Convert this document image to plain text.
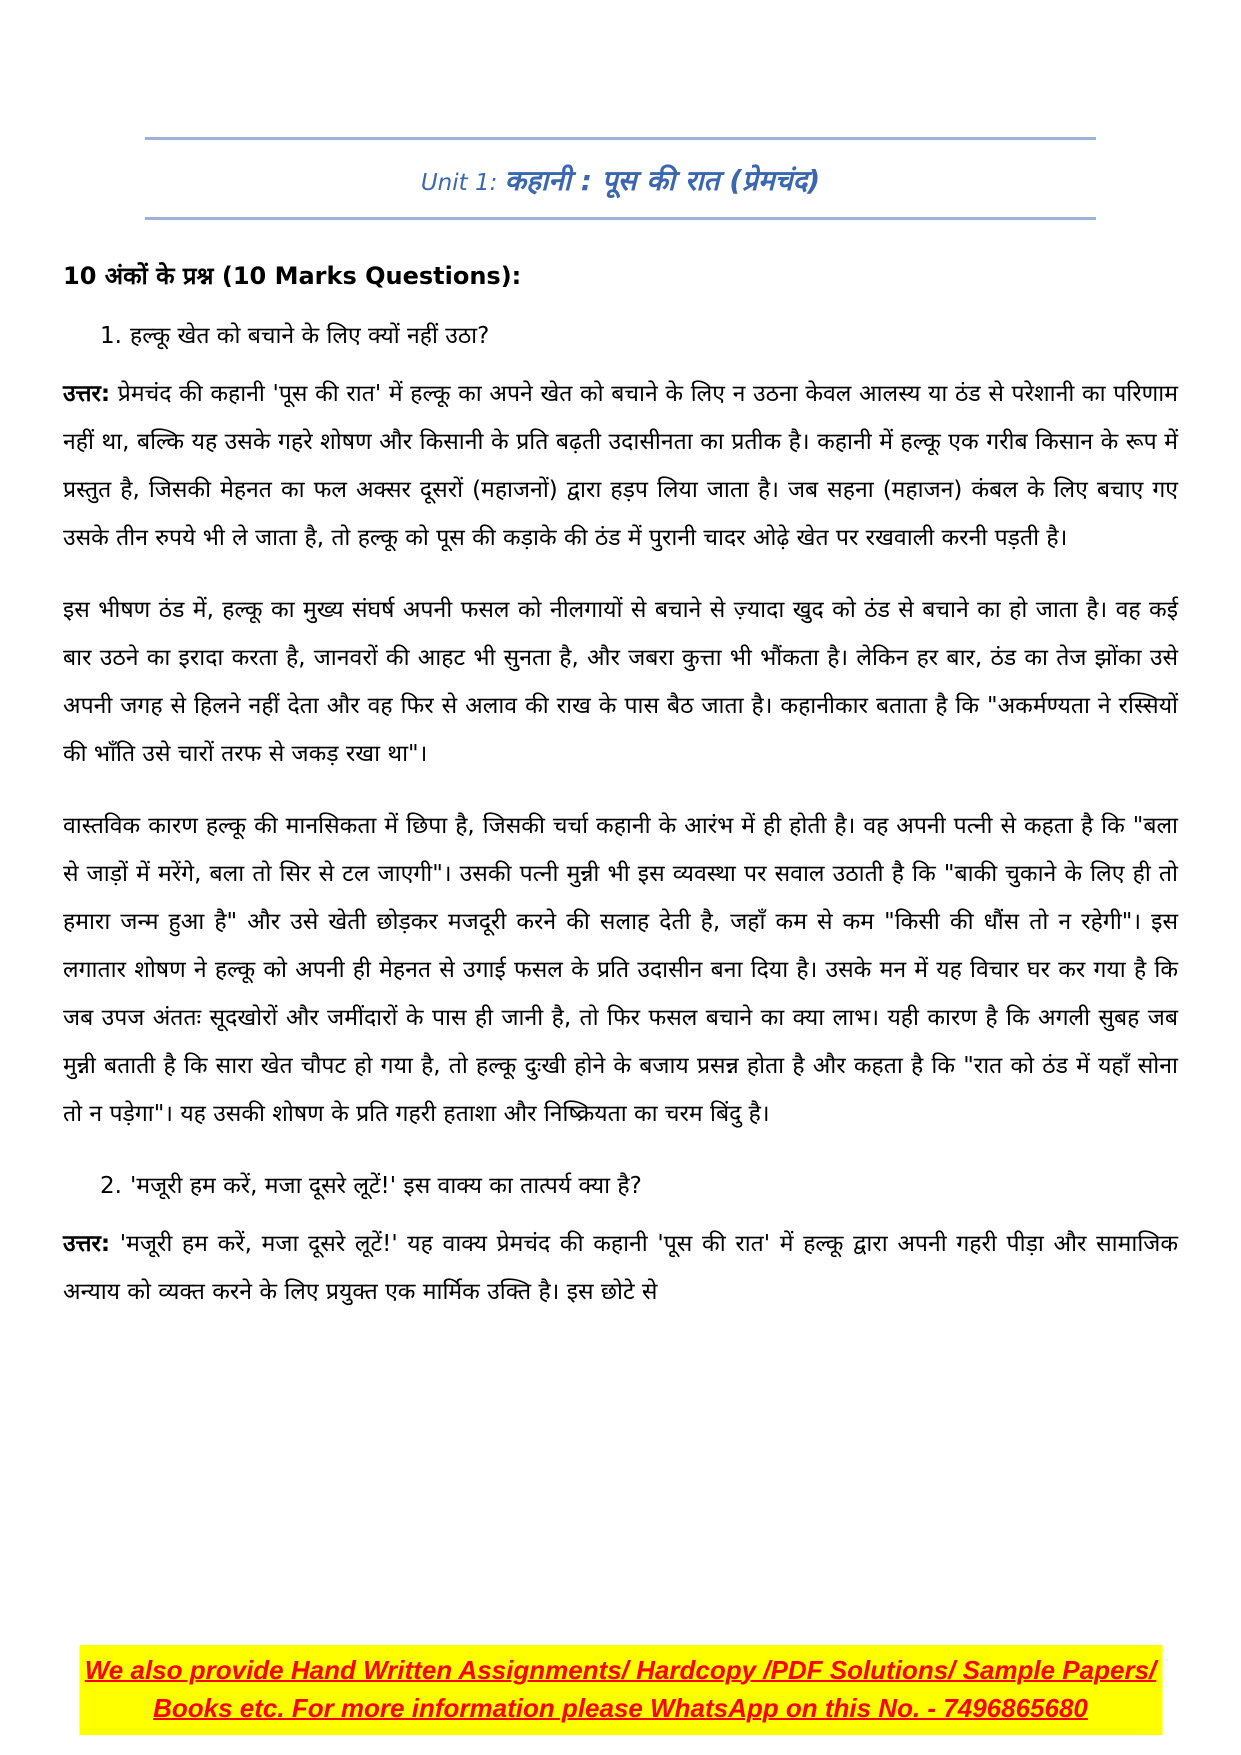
Unit 1: कहानी : पूस की रात (प्रेमचंद)
10 अंकों के प्रश्न (10 Marks Questions):
1. हल्कू खेत को बचाने के लिए क्यों नहीं उठा?

उत्तर: प्रेमचंद की कहानी 'पूस की रात' में हल्कू का अपने खेत को बचाने के लिए न उठना केवल आलस्य या ठंड से परेशानी का परिणाम नहीं था, बल्कि यह उसके गहरे शोषण और किसानी के प्रति बढ़ती उदासीनता का प्रतीक है। कहानी में हल्कू एक गरीब किसान के रूप में प्रस्तुत है, जिसकी मेहनत का फल अक्सर दूसरों (महाजनों) द्वारा हड़प लिया जाता है। जब सहना (महाजन) कंबल के लिए बचाए गए उसके तीन रुपये भी ले जाता है, तो हल्कू को पूस की कड़ाके की ठंड में पुरानी चादर ओढ़े खेत पर रखवाली करनी पड़ती है।

इस भीषण ठंड में, हल्कू का मुख्य संघर्ष अपनी फसल को नीलगायों से बचाने से ज़्यादा खुद को ठंड से बचाने का हो जाता है। वह कई बार उठने का इरादा करता है, जानवरों की आहट भी सुनता है, और जबरा कुत्ता भी भौंकता है। लेकिन हर बार, ठंड का तेज झोंका उसे अपनी जगह से हिलने नहीं देता और वह फिर से अलाव की राख के पास बैठ जाता है। कहानीकार बताता है कि "अकर्मण्यता ने रस्सियों की भाँति उसे चारों तरफ से जकड़ रखा था"।

वास्तविक कारण हल्कू की मानसिकता में छिपा है, जिसकी चर्चा कहानी के आरंभ में ही होती है। वह अपनी पत्नी से कहता है कि "बला से जाड़ों में मरेंगे, बला तो सिर से टल जाएगी"। उसकी पत्नी मुन्नी भी इस व्यवस्था पर सवाल उठाती है कि "बाकी चुकाने के लिए ही तो हमारा जन्म हुआ है" और उसे खेती छोड़कर मजदूरी करने की सलाह देती है, जहाँ कम से कम "किसी की धौंस तो न रहेगी"। इस लगातार शोषण ने हल्कू को अपनी ही मेहनत से उगाई फसल के प्रति उदासीन बना दिया है। उसके मन में यह विचार घर कर गया है कि जब उपज अंततः सूदखोरों और जमींदारों के पास ही जानी है, तो फिर फसल बचाने का क्या लाभ। यही कारण है कि अगली सुबह जब मुन्नी बताती है कि सारा खेत चौपट हो गया है, तो हल्कू दुःखी होने के बजाय प्रसन्न होता है और कहता है कि "रात को ठंड में यहाँ सोना तो न पड़ेगा"। यह उसकी शोषण के प्रति गहरी हताशा और निष्क्रियता का चरम बिंदु है।

2. 'मजूरी हम करें, मजा दूसरे लूटें!' इस वाक्य का तात्पर्य क्या है?

उत्तर: 'मजूरी हम करें, मजा दूसरे लूटें!' यह वाक्य प्रेमचंद की कहानी 'पूस की रात' में हल्कू द्वारा अपनी गहरी पीड़ा और सामाजिक अन्याय को व्यक्त करने के लिए प्रयुक्त एक मार्मिक उक्ति है। इस छोटे से

We also provide Hand Written Assignments/ Hardcopy /PDF Solutions/ Sample Papers/
Books etc. For more information please WhatsApp on this No. - 7496865680
